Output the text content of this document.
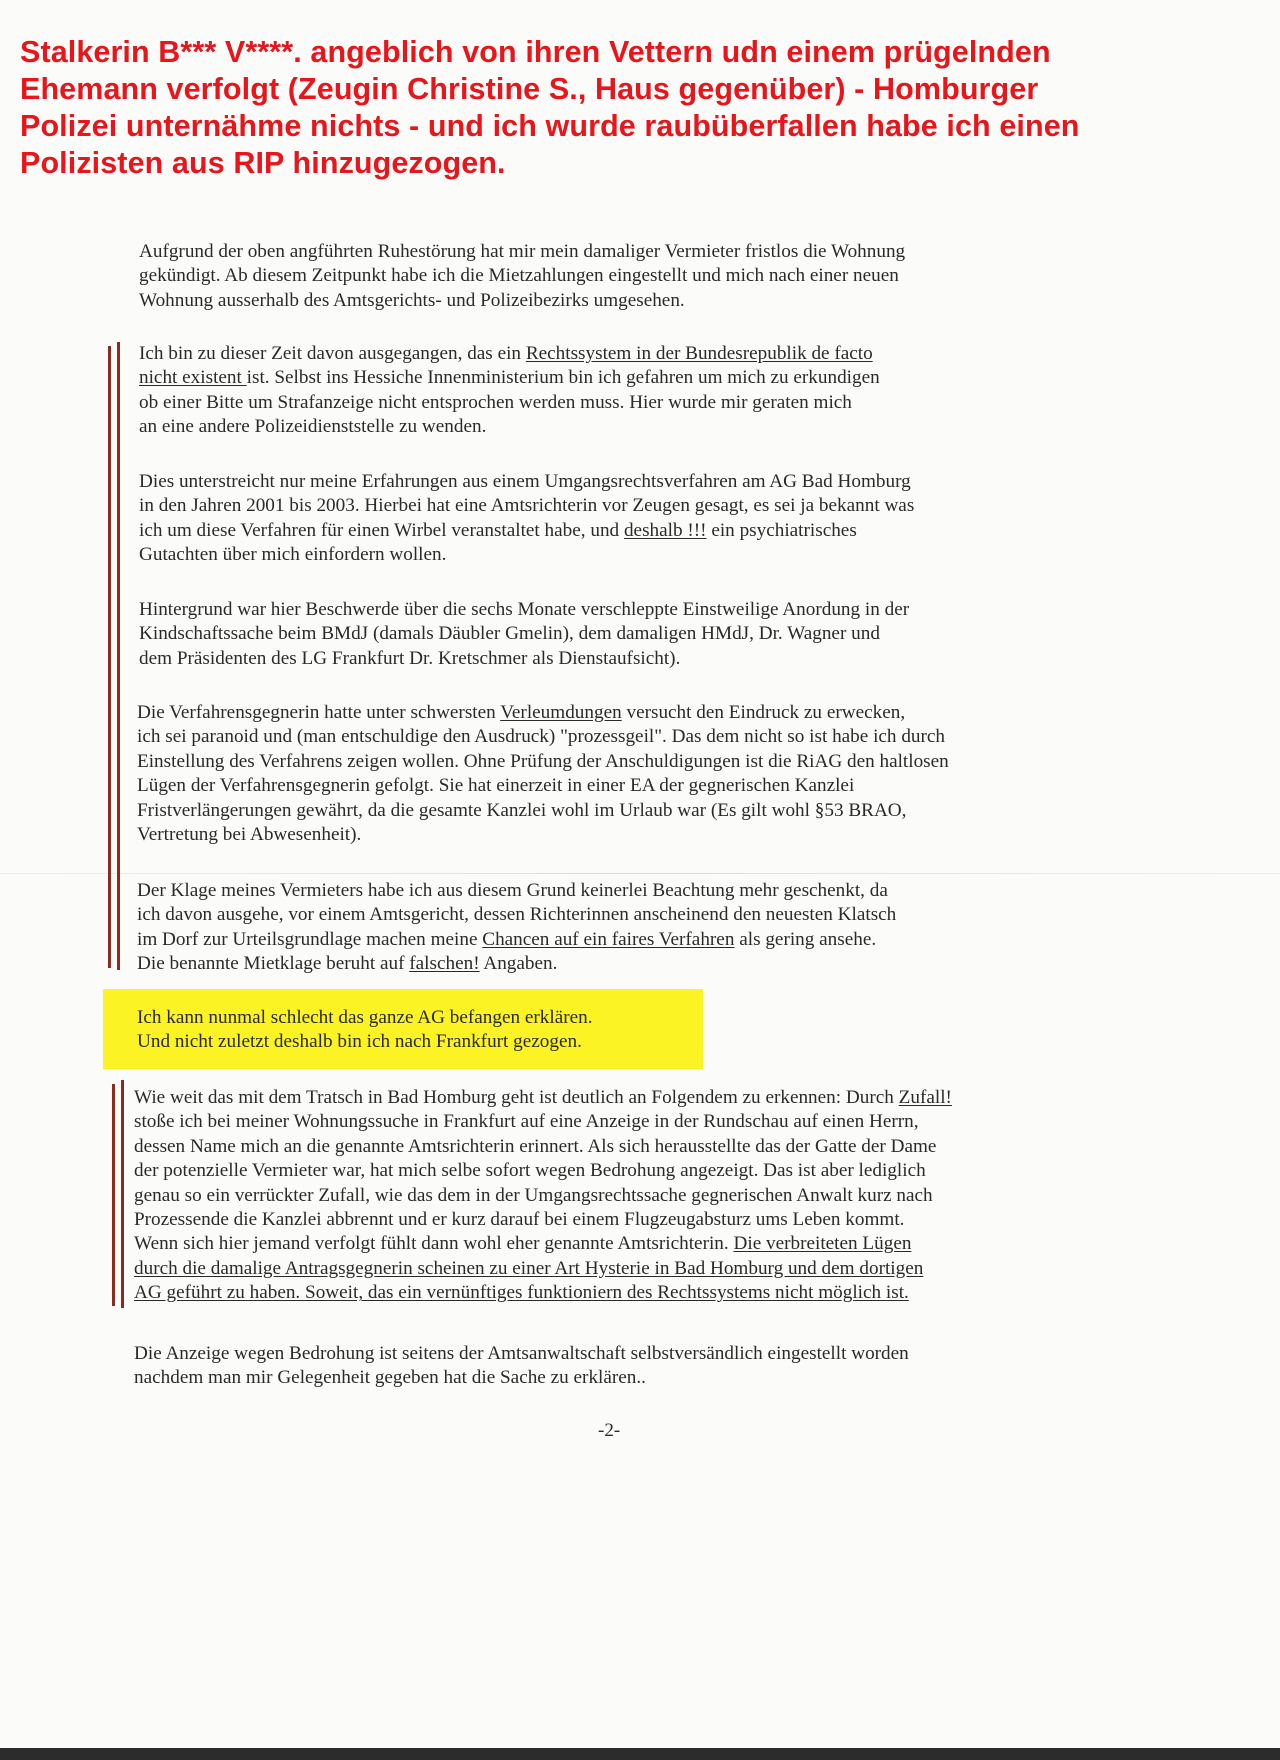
Stalkerin B*** V****. angeblich von ihren Vettern udn einem prügelnden
Ehemann verfolgt (Zeugin Christine S., Haus gegenüber) - Homburger
Polizei unternähme nichts - und ich wurde raubüberfallen habe ich einen
Polizisten aus RIP hinzugezogen.
Aufgrund der oben angführten Ruhestörung hat mir mein damaliger Vermieter fristlos die Wohnung
gekündigt. Ab diesem Zeitpunkt habe ich die Mietzahlungen eingestellt und mich nach einer neuen
Wohnung ausserhalb des Amtsgerichts- und Polizeibezirks umgesehen.
Ich bin zu dieser Zeit davon ausgegangen, das ein Rechtssystem in der Bundesrepublik de facto
nicht existent ist. Selbst ins Hessiche Innenministerium bin ich gefahren um mich zu erkundigen
ob einer Bitte um Strafanzeige nicht entsprochen werden muss. Hier wurde mir geraten mich
an eine andere Polizeidienststelle zu wenden.
Dies unterstreicht nur meine Erfahrungen aus einem Umgangsrechtsverfahren am AG Bad Homburg
in den Jahren 2001 bis 2003. Hierbei hat eine Amtsrichterin vor Zeugen gesagt, es sei ja bekannt was
ich um diese Verfahren für einen Wirbel veranstaltet habe, und deshalb !!! ein psychiatrisches
Gutachten über mich einfordern wollen.
Hintergrund war hier Beschwerde über die sechs Monate verschleppte Einstweilige Anordung in der
Kindschaftssache beim BMdJ (damals Däubler Gmelin), dem damaligen HMdJ, Dr. Wagner und
dem Präsidenten des LG Frankfurt Dr. Kretschmer als Dienstaufsicht).
Die Verfahrensgegnerin hatte unter schwersten Verleumdungen versucht den Eindruck zu erwecken,
ich sei paranoid und (man entschuldige den Ausdruck) "prozessgeil". Das dem nicht so ist habe ich durch
Einstellung des Verfahrens zeigen wollen. Ohne Prüfung der Anschuldigungen ist die RiAG den haltlosen
Lügen der Verfahrensgegnerin gefolgt. Sie hat einerzeit in einer EA der gegnerischen Kanzlei
Fristverlängerungen gewährt, da die gesamte Kanzlei wohl im Urlaub war (Es gilt wohl §53 BRAO,
Vertretung bei Abwesenheit).
Der Klage meines Vermieters habe ich aus diesem Grund keinerlei Beachtung mehr geschenkt, da
ich davon ausgehe, vor einem Amtsgericht, dessen Richterinnen anscheinend den neuesten Klatsch
im Dorf zur Urteilsgrundlage machen meine Chancen auf ein faires Verfahren als gering ansehe.
Die benannte Mietklage beruht auf falschen! Angaben.
Ich kann nunmal schlecht das ganze AG befangen erklären.
Und nicht zuletzt deshalb bin ich nach Frankfurt gezogen.
Wie weit das mit dem Tratsch in Bad Homburg geht ist deutlich an Folgendem zu erkennen: Durch Zufall!
stoße ich bei meiner Wohnungssuche in Frankfurt auf eine Anzeige in der Rundschau auf einen Herrn,
dessen Name mich an die genannte Amtsrichterin erinnert. Als sich herausstellte das der Gatte der Dame
der potenzielle Vermieter war, hat mich selbe sofort wegen Bedrohung angezeigt. Das ist aber lediglich
genau so ein verrückter Zufall, wie das dem in der Umgangsrechtssache gegnerischen Anwalt kurz nach
Prozessende die Kanzlei abbrennt und er kurz darauf bei einem Flugzeugabsturz ums Leben kommt.
Wenn sich hier jemand verfolgt fühlt dann wohl eher genannte Amtsrichterin. Die verbreiteten Lügen
durch die damalige Antragsgegnerin scheinen zu einer Art Hysterie in Bad Homburg und dem dortigen
AG geführt zu haben. Soweit, das ein vernünftiges funktioniern des Rechtssystems nicht möglich ist.
Die Anzeige wegen Bedrohung ist seitens der Amtsanwaltschaft selbstversändlich eingestellt worden
nachdem man mir Gelegenheit gegeben hat die Sache zu erklären..
-2-
